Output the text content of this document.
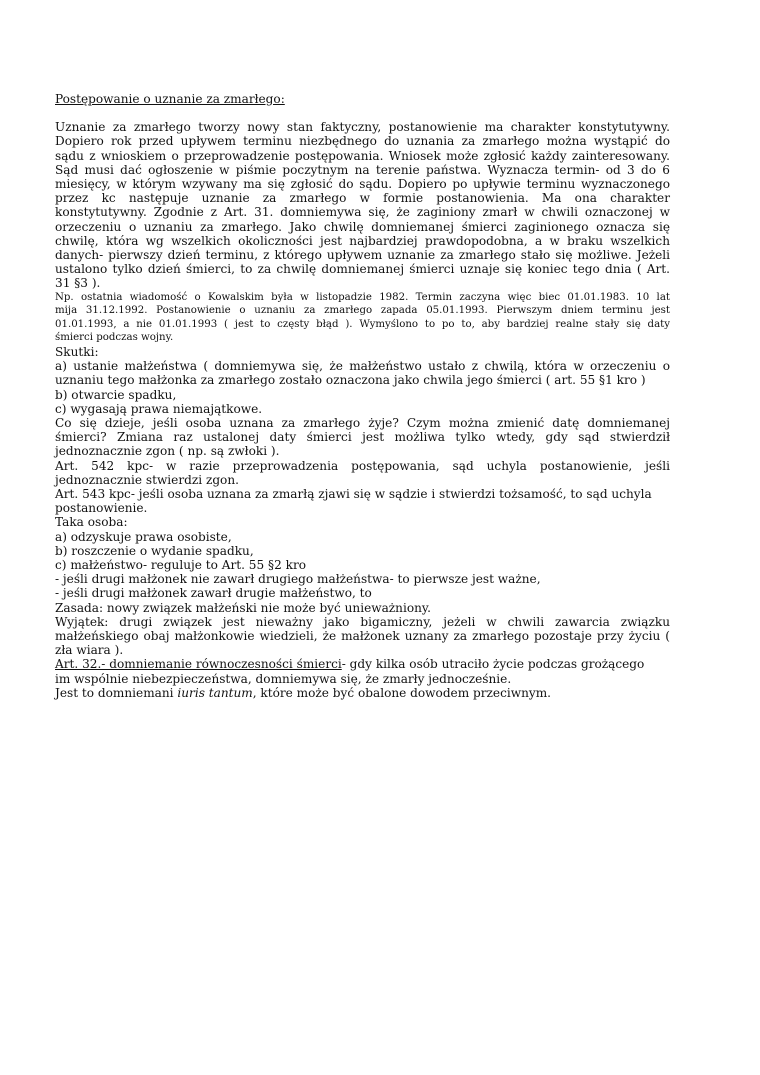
Postępowanie o uznanie za zmarłego:
Uznanie za zmarłego tworzy nowy stan faktyczny, postanowienie ma charakter konstytutywny.
Dopiero rok przed upływem terminu niezbędnego do uznania za zmarłego można wystąpić do
sądu z wnioskiem o przeprowadzenie postępowania. Wniosek może zgłosić każdy zainteresowany.
Sąd musi dać ogłoszenie w piśmie poczytnym na terenie państwa. Wyznacza termin- od 3 do 6
miesięcy, w którym wzywany ma się zgłosić do sądu. Dopiero po upływie terminu wyznaczonego
przez kc następuje uznanie za zmarłego w formie postanowienia. Ma ona charakter
konstytutywny. Zgodnie z Art. 31. domniemywa się, że zaginiony zmarł w chwili oznaczonej w
orzeczeniu o uznaniu za zmarłego. Jako chwilę domniemanej śmierci zaginionego oznacza się
chwilę, która wg wszelkich okoliczności jest najbardziej prawdopodobna, a w braku wszelkich
danych- pierwszy dzień terminu, z którego upływem uznanie za zmarłego stało się możliwe. Jeżeli
ustalono tylko dzień śmierci, to za chwilę domniemanej śmierci uznaje się koniec tego dnia ( Art.
31 §3 ).
Np. ostatnia wiadomość o Kowalskim była w listopadzie 1982. Termin zaczyna więc biec 01.01.1983. 10 lat
mija 31.12.1992. Postanowienie o uznaniu za zmarłego zapada 05.01.1993. Pierwszym dniem terminu jest
01.01.1993, a nie 01.01.1993 ( jest to częsty błąd ). Wymyślono to po to, aby bardziej realne stały się daty
śmierci podczas wojny.
Skutki:
a) ustanie małżeństwa ( domniemywa się, że małżeństwo ustało z chwilą, która w orzeczeniu o
uznaniu tego małżonka za zmarłego zostało oznaczona jako chwila jego śmierci ( art. 55 §1 kro )
b) otwarcie spadku,
c) wygasają prawa niemajątkowe.
Co się dzieje, jeśli osoba uznana za zmarłego żyje? Czym można zmienić datę domniemanej
śmierci? Zmiana raz ustalonej daty śmierci jest możliwa tylko wtedy, gdy sąd stwierdził
jednoznacznie zgon ( np. są zwłoki ).
Art. 542 kpc- w razie przeprowadzenia postępowania, sąd uchyla postanowienie, jeśli
jednoznacznie stwierdzi zgon.
Art. 543 kpc- jeśli osoba uznana za zmarłą zjawi się w sądzie i stwierdzi tożsamość, to sąd uchyla
postanowienie.
Taka osoba:
a) odzyskuje prawa osobiste,
b) roszczenie o wydanie spadku,
c) małżeństwo- reguluje to Art. 55 §2 kro
- jeśli drugi małżonek nie zawarł drugiego małżeństwa- to pierwsze jest ważne,
- jeśli drugi małżonek zawarł drugie małżeństwo, to
Zasada: nowy związek małżeński nie może być unieważniony.
Wyjątek: drugi związek jest nieważny jako bigamiczny, jeżeli w chwili zawarcia związku
małżeńskiego obaj małżonkowie wiedzieli, że małżonek uznany za zmarłego pozostaje przy życiu (
zła wiara ).
Art. 32.- domniemanie równoczesności śmierci- gdy kilka osób utraciło życie podczas grożącego
im wspólnie niebezpieczeństwa, domniemywa się, że zmarły jednocześnie.
Jest to domniemani iuris tantum, które może być obalone dowodem przeciwnym.
